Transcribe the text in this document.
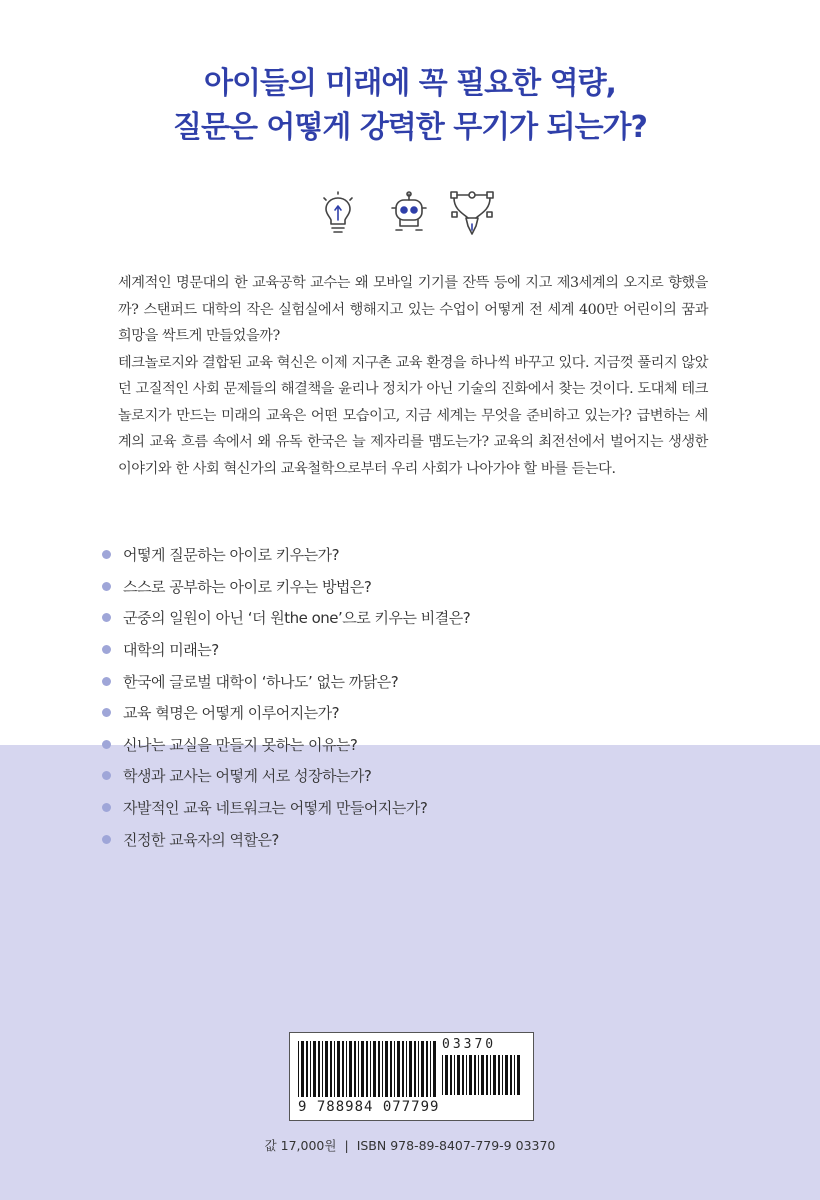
아이들의 미래에 꼭 필요한 역량,
질문은 어떻게 강력한 무기가 되는가?

세계적인 명문대의 한 교육공학 교수는 왜 모바일 기기를 잔뜩 등에 지고 제3세계의 오지로 향했을까? 스탠퍼드 대학의 작은 실험실에서 행해지고 있는 수업이 어떻게 전 세계 400만 어린이의 꿈과 희망을 싹트게 만들었을까?

테크놀로지와 결합된 교육 혁신은 이제 지구촌 교육 환경을 하나씩 바꾸고 있다. 지금껏 풀리지 않았던 고질적인 사회 문제들의 해결책을 윤리나 정치가 아닌 기술의 진화에서 찾는 것이다. 도대체 테크놀로지가 만드는 미래의 교육은 어떤 모습이고, 지금 세계는 무엇을 준비하고 있는가? 급변하는 세계의 교육 흐름 속에서 왜 유독 한국은 늘 제자리를 맴도는가? 교육의 최전선에서 벌어지는 생생한 이야기와 한 사회 혁신가의 교육철학으로부터 우리 사회가 나아가야 할 바를 듣는다.

어떻게 질문하는 아이로 키우는가?
스스로 공부하는 아이로 키우는 방법은?
군중의 일원이 아닌 ‘더 원the one’으로 키우는 비결은?
대학의 미래는?
한국에 글로벌 대학이 ‘하나도’ 없는 까닭은?
교육 혁명은 어떻게 이루어지는가?
신나는 교실을 만들지 못하는 이유는?
학생과 교사는 어떻게 서로 성장하는가?
자발적인 교육 네트워크는 어떻게 만들어지는가?
진정한 교육자의 역할은?
03370
9 788984 077799
값 17,000원 | ISBN 978-89-8407-779-9 03370
